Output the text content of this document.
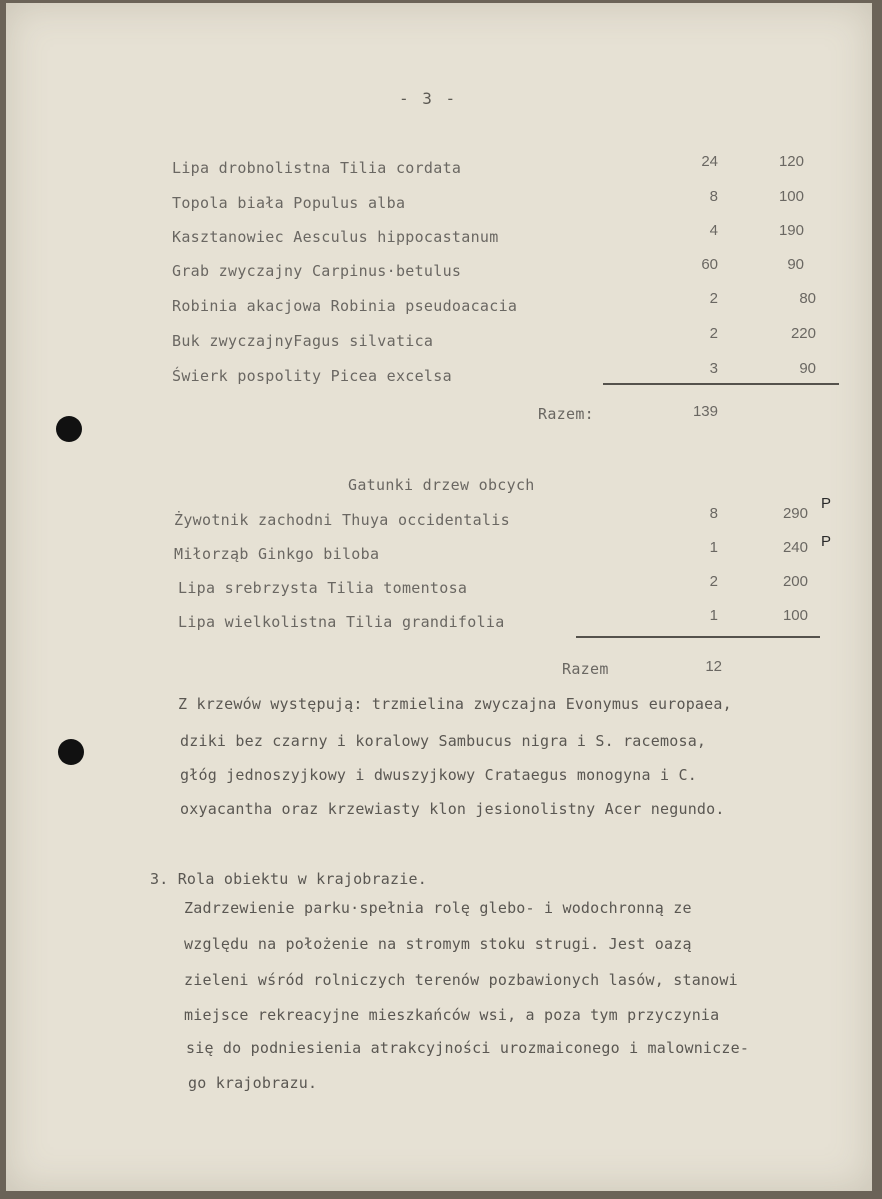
- 3 -
Lipa drobnolistna Tilia cordata	24	120
Topola biała Populus alba	8	100
Kasztanowiec Aesculus hippocastanum	4	190
Grab zwyczajny Carpinus·betulus	60	90
Robinia akacjowa Robinia pseudoacacia	2	80
Buk zwyczajnyFagus silvatica	2	220
Świerk pospolity Picea excelsa	3	90
Razem:	139
Gatunki drzew obcych
Żywotnik zachodni Thuya occidentalis	8	290
P
Miłorząb Ginkgo biloba	1	240 P
Lipa srebrzysta Tilia tomentosa	2	200
Lipa wielkolistna Tilia grandifolia	1	100
Razem	12
Z krzewów występują: trzmielina zwyczajna Evonymus europaea,
dziki bez czarny i koralowy Sambucus nigra i S. racemosa,
głóg jednoszyjkowy i dwuszyjkowy Crataegus monogyna i C.
oxyacantha oraz krzewiasty klon jesionolistny Acer negundo.
3. Rola obiektu w krajobrazie.
Zadrzewienie parku·spełnia rolę glebo- i wodochronną ze
względu na położenie na stromym stoku strugi. Jest oazą
zieleni wśród rolniczych terenów pozbawionych lasów, stanowi
miejsce rekreacyjne mieszkańców wsi, a poza tym przyczynia
się do podniesienia atrakcyjności urozmaiconego i malownicze-
go krajobrazu.
